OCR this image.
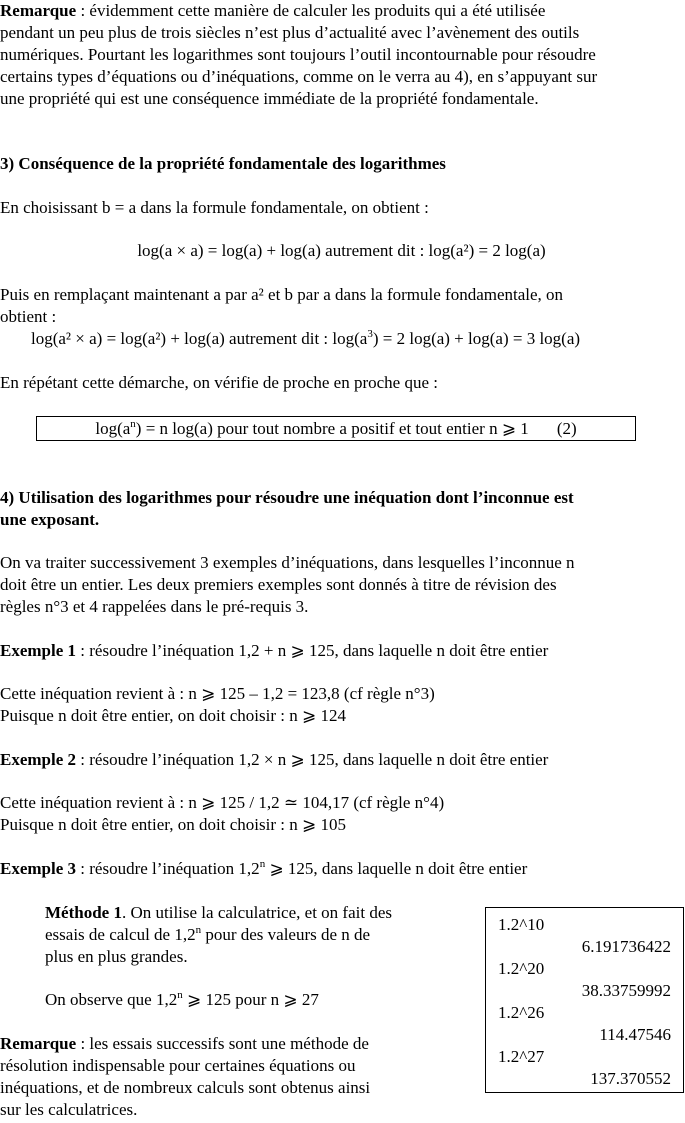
Remarque : évidemment cette manière de calculer les produits qui a été utilisée
pendant un peu plus de trois siècles n’est plus d’actualité avec l’avènement des outils
numériques. Pourtant les logarithmes sont toujours l’outil incontournable pour résoudre
certains types d’équations ou d’inéquations, comme on le verra au 4), en s’appuyant sur
une propriété qui est une conséquence immédiate de la propriété fondamentale.
3) Conséquence de la propriété fondamentale des logarithmes
En choisissant b = a dans la formule fondamentale, on obtient :
log(a × a) = log(a) + log(a) autrement dit : log(a²) = 2 log(a)
Puis en remplaçant maintenant a par a² et b par a dans la formule fondamentale, on
obtient :
log(a² × a) = log(a²) + log(a) autrement dit : $\log(a^3) = 2$ log(a) + log(a) = 3 log(a)
En répétant cette démarche, on vérifie de proche en proche que :
$\log(a^n) = n$ log(a) pour tout nombre a positif et tout entier n ⩾ 1 (2)
4) Utilisation des logarithmes pour résoudre une inéquation dont l’inconnue est
une exposant.
On va traiter successivement 3 exemples d’inéquations, dans lesquelles l’inconnue n
doit être un entier. Les deux premiers exemples sont donnés à titre de révision des
règles n°3 et 4 rappelées dans le pré-requis 3.
Exemple 1 : résoudre l’inéquation 1,2 + n ⩾ 125, dans laquelle n doit être entier
Cette inéquation revient à : n ⩾ 125 – 1,2 = 123,8 (cf règle n°3)
Puisque n doit être entier, on doit choisir : n ⩾ 124
Exemple 2 : résoudre l’inéquation 1,2 × n ⩾ 125, dans laquelle n doit être entier
Cette inéquation revient à : n ⩾ 125 / 1,2 ≃ 104,17 (cf règle n°4)
Puisque n doit être entier, on doit choisir : n ⩾ 105
Exemple 3 : résoudre l’inéquation 1,2$^n$ ⩾ 125, dans laquelle n doit être entier
Méthode 1. On utilise la calculatrice, et on fait des
essais de calcul de 1,2$^n$ pour des valeurs de n de
plus en plus grandes.
On observe que 1,2$^n$ ⩾ 125 pour n ⩾ 27
Remarque : les essais successifs sont une méthode de
résolution indispensable pour certaines équations ou
inéquations, et de nombreux calculs sont obtenus ainsi
sur les calculatrices.
1.2^10
6.191736422
1.2^20
38.33759992
1.2^26
114.47546
1.2^27
137.370552
